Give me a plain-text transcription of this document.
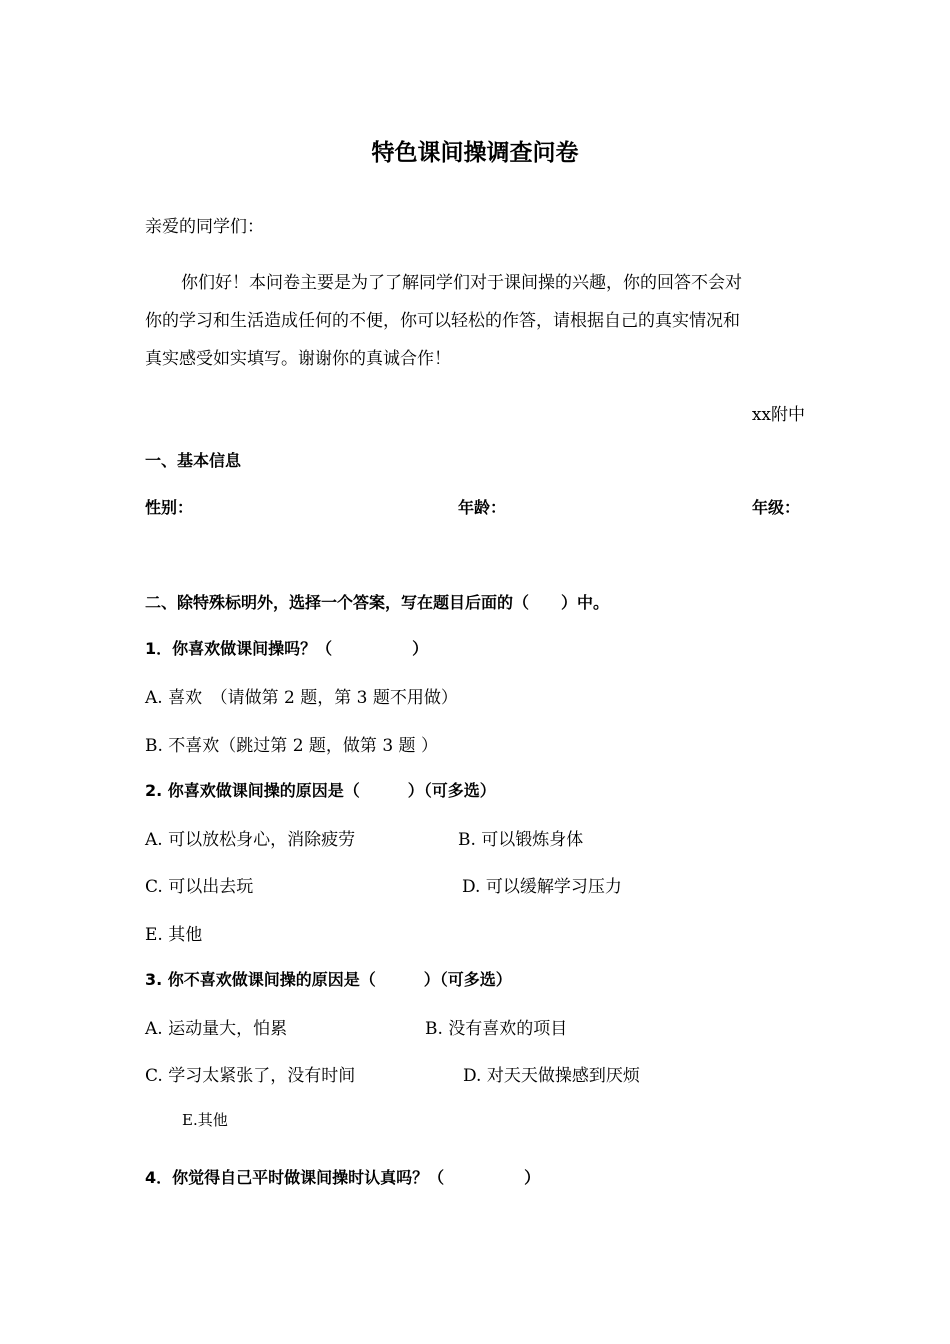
特色课间操调查问卷
亲爱的同学们：
你们好！本问卷主要是为了了解同学们对于课间操的兴趣，你的回答不会对
你的学习和生活造成任何的不便，你可以轻松的作答，请根据自己的真实情况和
真实感受如实填写。谢谢你的真诚合作！
xx附中
一、基本信息
性别：	年龄：	年级：
二、除特殊标明外，选择一个答案，写在题目后面的（　　）中。
1．你喜欢做课间操吗？（　　　　　）
A. 喜欢　（请做第 2 题，第 3 题不用做）
B. 不喜欢（跳过第 2 题，做第 3 题 ）
2. 你喜欢做课间操的原因是（　　　）（可多选）
A. 可以放松身心，消除疲劳	B. 可以锻炼身体
C. 可以出去玩	D. 可以缓解学习压力
E. 其他
3. 你不喜欢做课间操的原因是（　　　）（可多选）
A. 运动量大，怕累	B. 没有喜欢的项目
C. 学习太紧张了，没有时间	D. 对天天做操感到厌烦
E.其他
4．你觉得自己平时做课间操时认真吗？（　　　　　）
